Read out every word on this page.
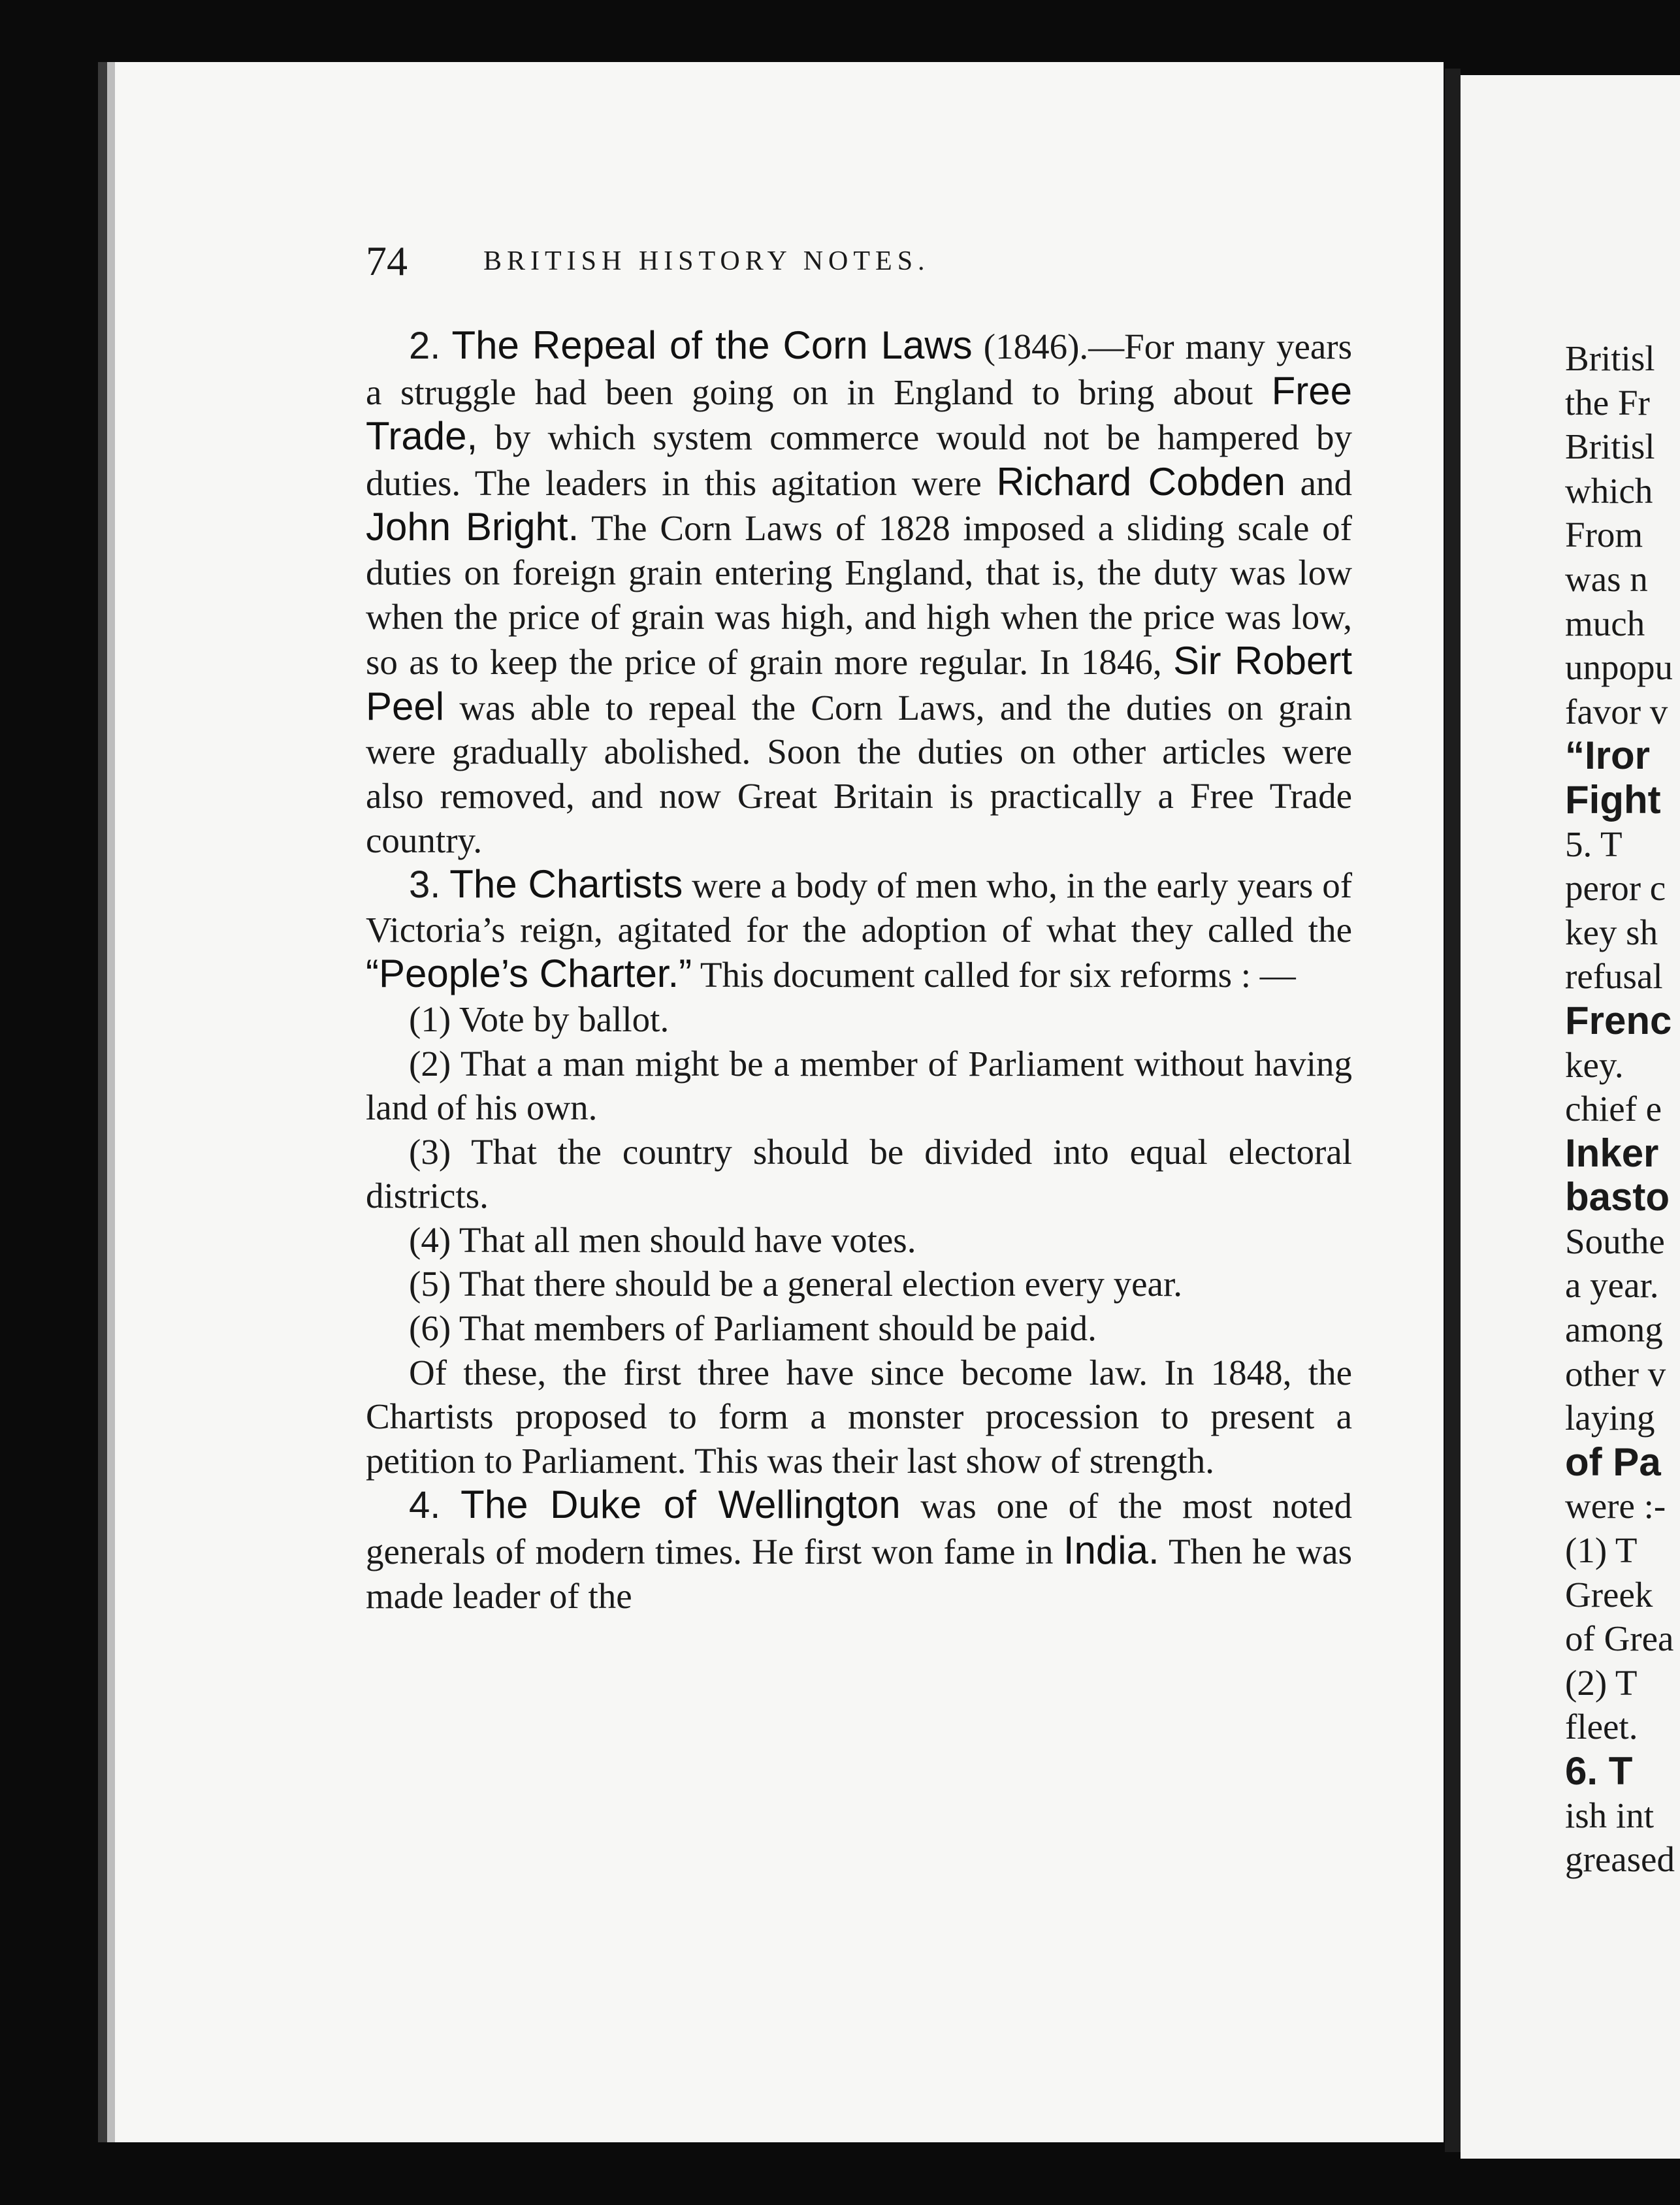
74	BRITISH HISTORY NOTES.

2. The Repeal of the Corn Laws (1846).—For many years a struggle had been going on in England to bring about Free Trade, by which system commerce would not be hampered by duties. The leaders in this agitation were Richard Cobden and John Bright. The Corn Laws of 1828 imposed a sliding scale of duties on foreign grain entering England, that is, the duty was low when the price of grain was high, and high when the price was low, so as to keep the price of grain more regular. In 1846, Sir Robert Peel was able to repeal the Corn Laws, and the duties on grain were gradually abolished. Soon the duties on other articles were also removed, and now Great Britain is practically a Free Trade country.

3. The Chartists were a body of men who, in the early years of Victoria’s reign, agitated for the adoption of what they called the “People’s Charter.” This document called for six reforms : —

(1) Vote by ballot.

(2) That a man might be a member of Parliament without having land of his own.

(3) That the country should be divided into equal electoral districts.

(4) That all men should have votes.

(5) That there should be a general election every year.

(6) That members of Parliament should be paid.

Of these, the first three have since become law. In 1848, the Chartists proposed to form a monster procession to present a petition to Parliament. This was their last show of strength.

4. The Duke of Wellington was one of the most noted generals of modern times. He first won fame in India. Then he was made leader of the

Britisl
the Fr
Britisl
which
From
was n
much
unpopu
favor v
“Iror
Fight
5. T
peror c
key sh
refusal
Frenc
key.
chief e
Inker
basto
Southe
a year.
among
other v
laying
of Pa
were :-
(1) T
Greek
of Grea
(2) T
fleet.
6. T
ish int
greased
